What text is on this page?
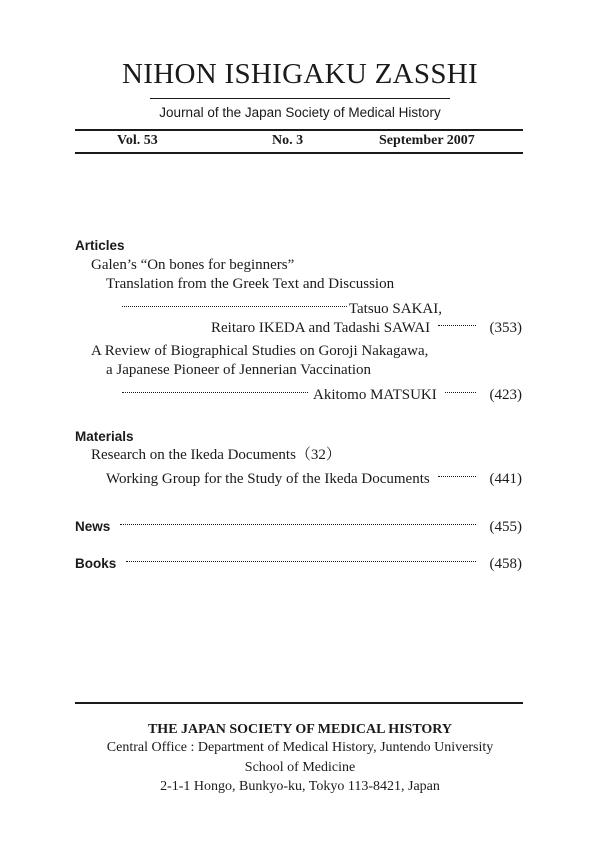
NIHON ISHIGAKU ZASSHI
Journal of the Japan Society of Medical History
Vol. 53	No. 3	September 2007
Articles
Galen’s “On bones for beginners”
Translation from the Greek Text and Discussion
Tatsuo SAKAI,
Reitaro IKEDA and Tadashi SAWAI	(353)
A Review of Biographical Studies on Goroji Nakagawa,
a Japanese Pioneer of Jennerian Vaccination
Akitomo MATSUKI	(423)
Materials
Research on the Ikeda Documents（32）
Working Group for the Study of the Ikeda Documents	(441)
News	(455)
Books	(458)
THE JAPAN SOCIETY OF MEDICAL HISTORY
Central Office : Department of Medical History, Juntendo University
School of Medicine
2-1-1 Hongo, Bunkyo-ku, Tokyo 113-8421, Japan
